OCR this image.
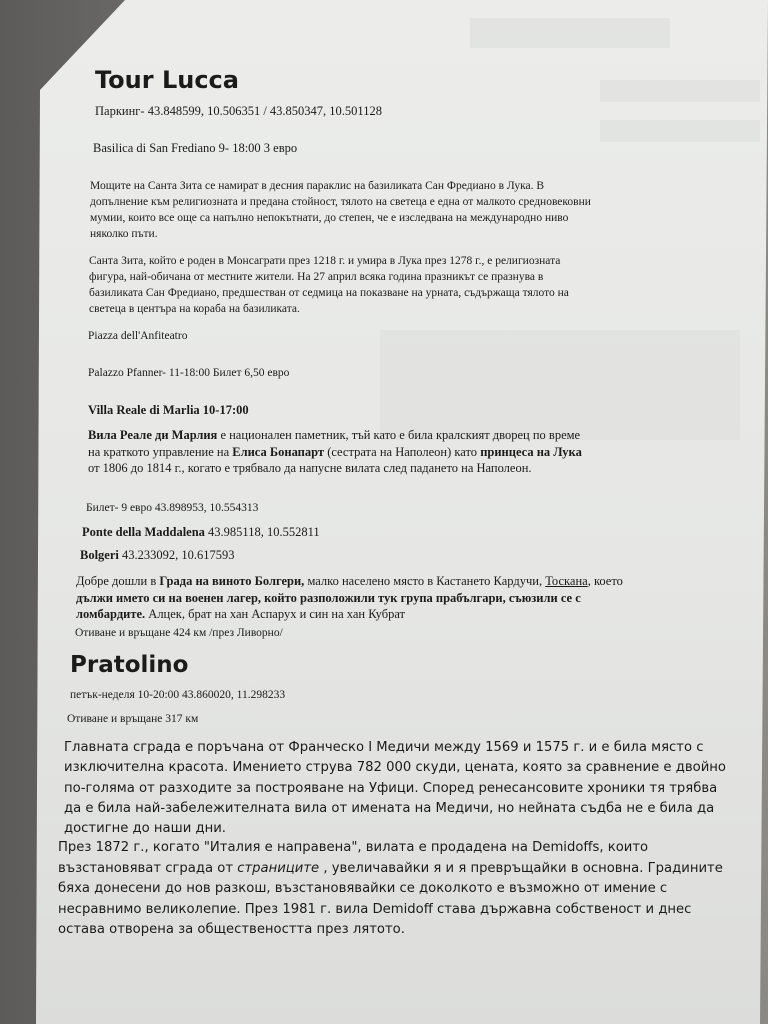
Tour Lucca
Паркинг- 43.848599, 10.506351 / 43.850347, 10.501128
Basilica di San Frediano 9- 18:00 3 евро

Мощите на Санта Зита се намират в десния параклис на базиликата Сан Фредиано в Лука. В

допълнение към религиозната и предана стойност, тялото на светеца е една от малкото средновековни

мумии, които все още са напълно непокътнати, до степен, че е изследвана на международно ниво

няколко пъти.

Санта Зита, който е роден в Монсаграти през 1218 г. и умира в Лука през 1278 г., е религиозната

фигура, най-обичана от местните жители. На 27 април всяка година празникът се празнува в

базиликата Сан Фредиано, предшестван от седмица на показване на урната, съдържаща тялото на

светеца в центъра на кораба на базиликата.

Piazza dell'Anfiteatro
Palazzo Pfanner- 11-18:00 Билет 6,50 евро
Villa Reale di Marlia 10-17:00

Вила Реале ди Марлия е национален паметник, тъй като е била кралският дворец по време

на краткото управление на Елиса Бонапарт (сестрата на Наполеон) като принцеса на Лука

от 1806 до 1814 г., когато е трябвало да напусне вилата след падането на Наполеон.

Билет- 9 евро 43.898953, 10.554313
Ponte della Maddalena 43.985118, 10.552811
Bolgeri 43.233092, 10.617593

Добре дошли в Града на виното Болгери, малко населено място в Кастането Кардучи, Тоскана, което

дължи името си на военен лагер, който разположили тук група прабългари, съюзили се с

ломбардите. Алцек, брат на хан Аспарух и син на хан Кубрат

Отиване и връщане 424 км /през Ливорно/
Pratolino
петък-неделя 10-20:00 43.860020, 11.298233
Отиване и връщане 317 км

Главната сграда е поръчана от Франческо I Медичи между 1569 и 1575 г. и е била място с

изключителна красота. Имението струва 782 000 скуди, цената, която за сравнение е двойно

по-голяма от разходите за построяване на Уфици. Според ренесансовите хроники тя трябва

да е била най-забележителната вила от имената на Медичи, но нейната съдба не е била да

достигне до наши дни.

През 1872 г., когато "Италия е направена", вилата е продадена на Demidoffs, които

възстановяват сграда от страниците , увеличавайки я и я превръщайки в основна. Градините

бяха донесени до нов разкош, възстановявайки се доколкото е възможно от имение с

несравнимо великолепие. През 1981 г. вила Demidoff става държавна собственост и днес

остава отворена за обществеността през лятото.
